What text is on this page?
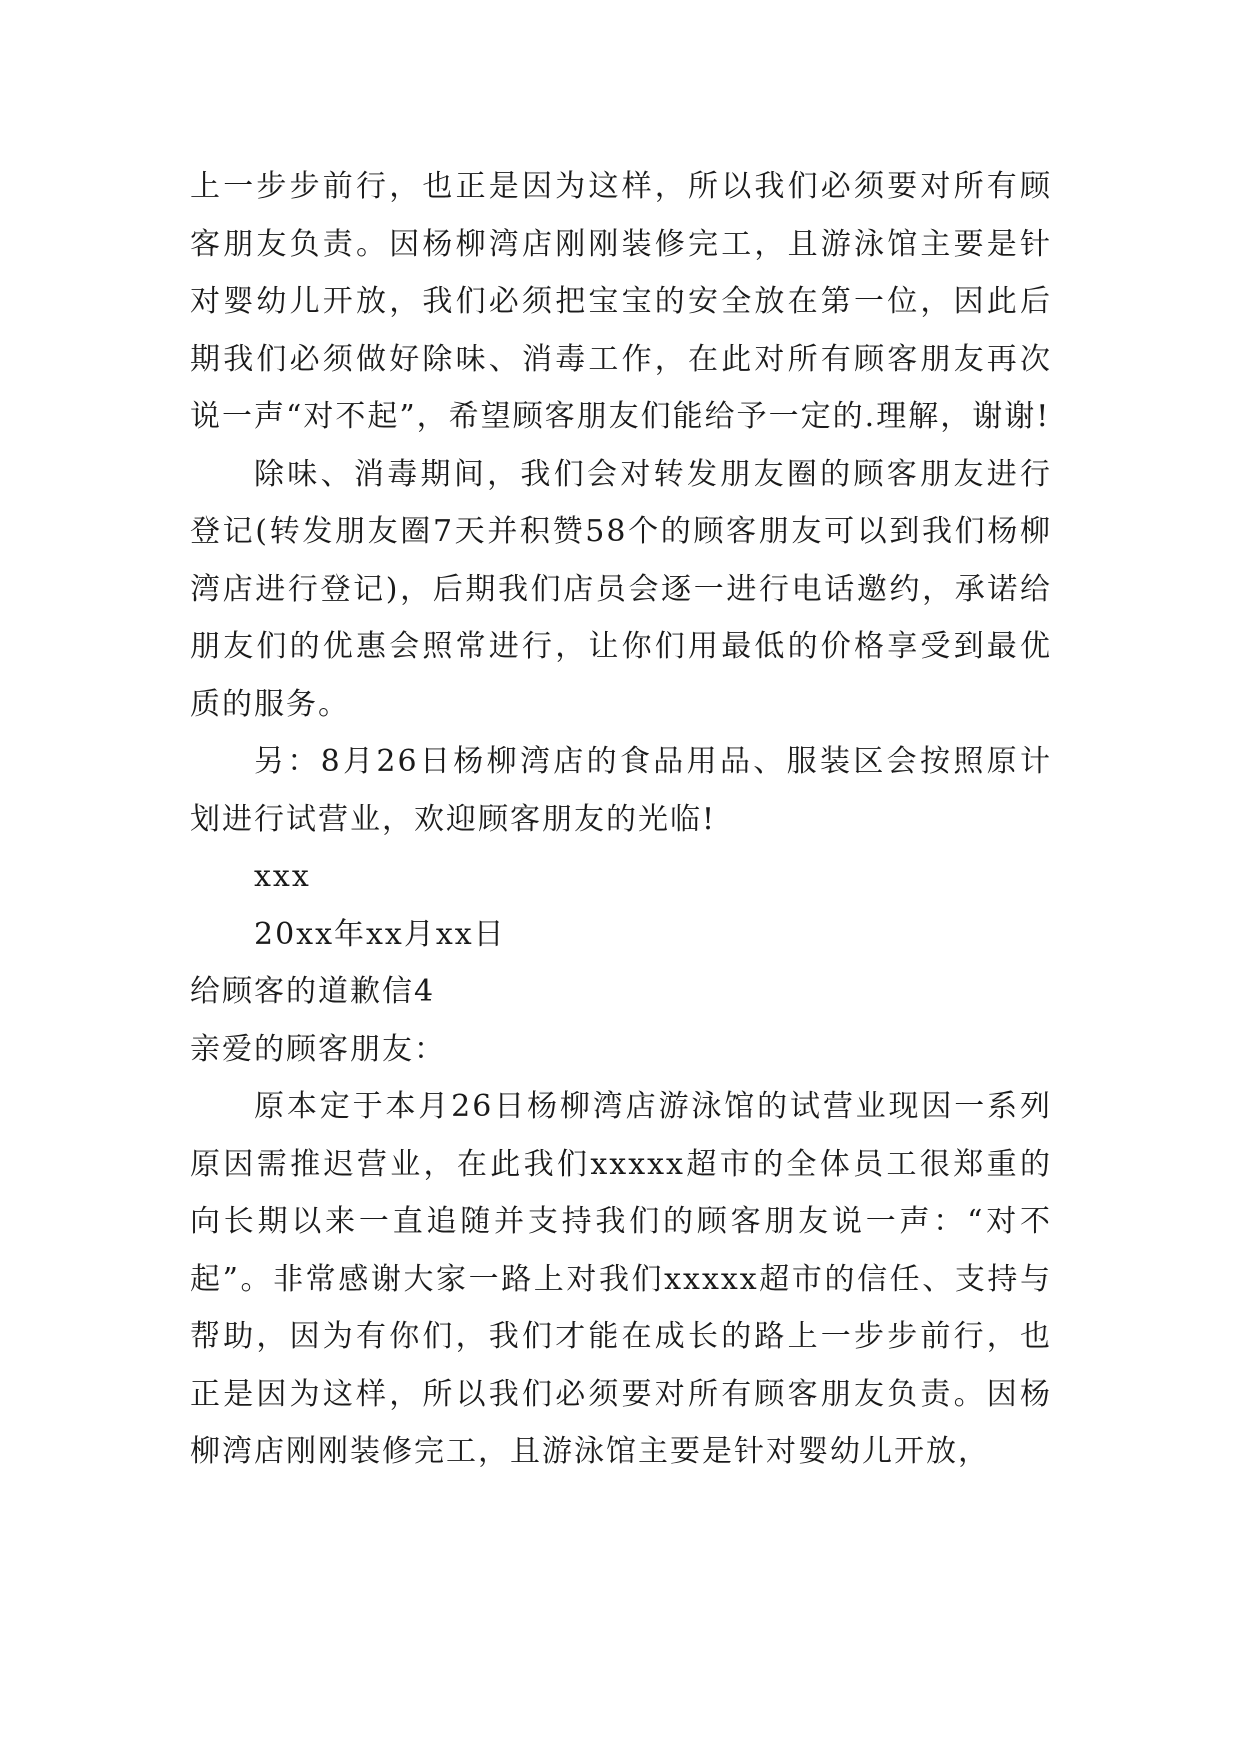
上一步步前行，也正是因为这样，所以我们必须要对所有顾客朋友负责。因杨柳湾店刚刚装修完工，且游泳馆主要是针对婴幼儿开放，我们必须把宝宝的安全放在第一位，因此后期我们必须做好除味、消毒工作，在此对所有顾客朋友再次说一声“对不起”，希望顾客朋友们能给予一定的.理解，谢谢!

除味、消毒期间，我们会对转发朋友圈的顾客朋友进行登记(转发朋友圈7天并积赞58个的顾客朋友可以到我们杨柳湾店进行登记)，后期我们店员会逐一进行电话邀约，承诺给朋友们的优惠会照常进行，让你们用最低的价格享受到最优质的服务。

另：8月26日杨柳湾店的食品用品、服装区会按照原计划进行试营业，欢迎顾客朋友的光临!

xxx

20xx年xx月xx日

给顾客的道歉信4

亲爱的顾客朋友：

原本定于本月26日杨柳湾店游泳馆的试营业现因一系列原因需推迟营业，在此我们xxxxx超市的全体员工很郑重的向长期以来一直追随并支持我们的顾客朋友说一声：“对不起”。非常感谢大家一路上对我们xxxxx超市的信任、支持与帮助，因为有你们，我们才能在成长的路上一步步前行，也正是因为这样，所以我们必须要对所有顾客朋友负责。因杨柳湾店刚刚装修完工，且游泳馆主要是针对婴幼儿开放，
